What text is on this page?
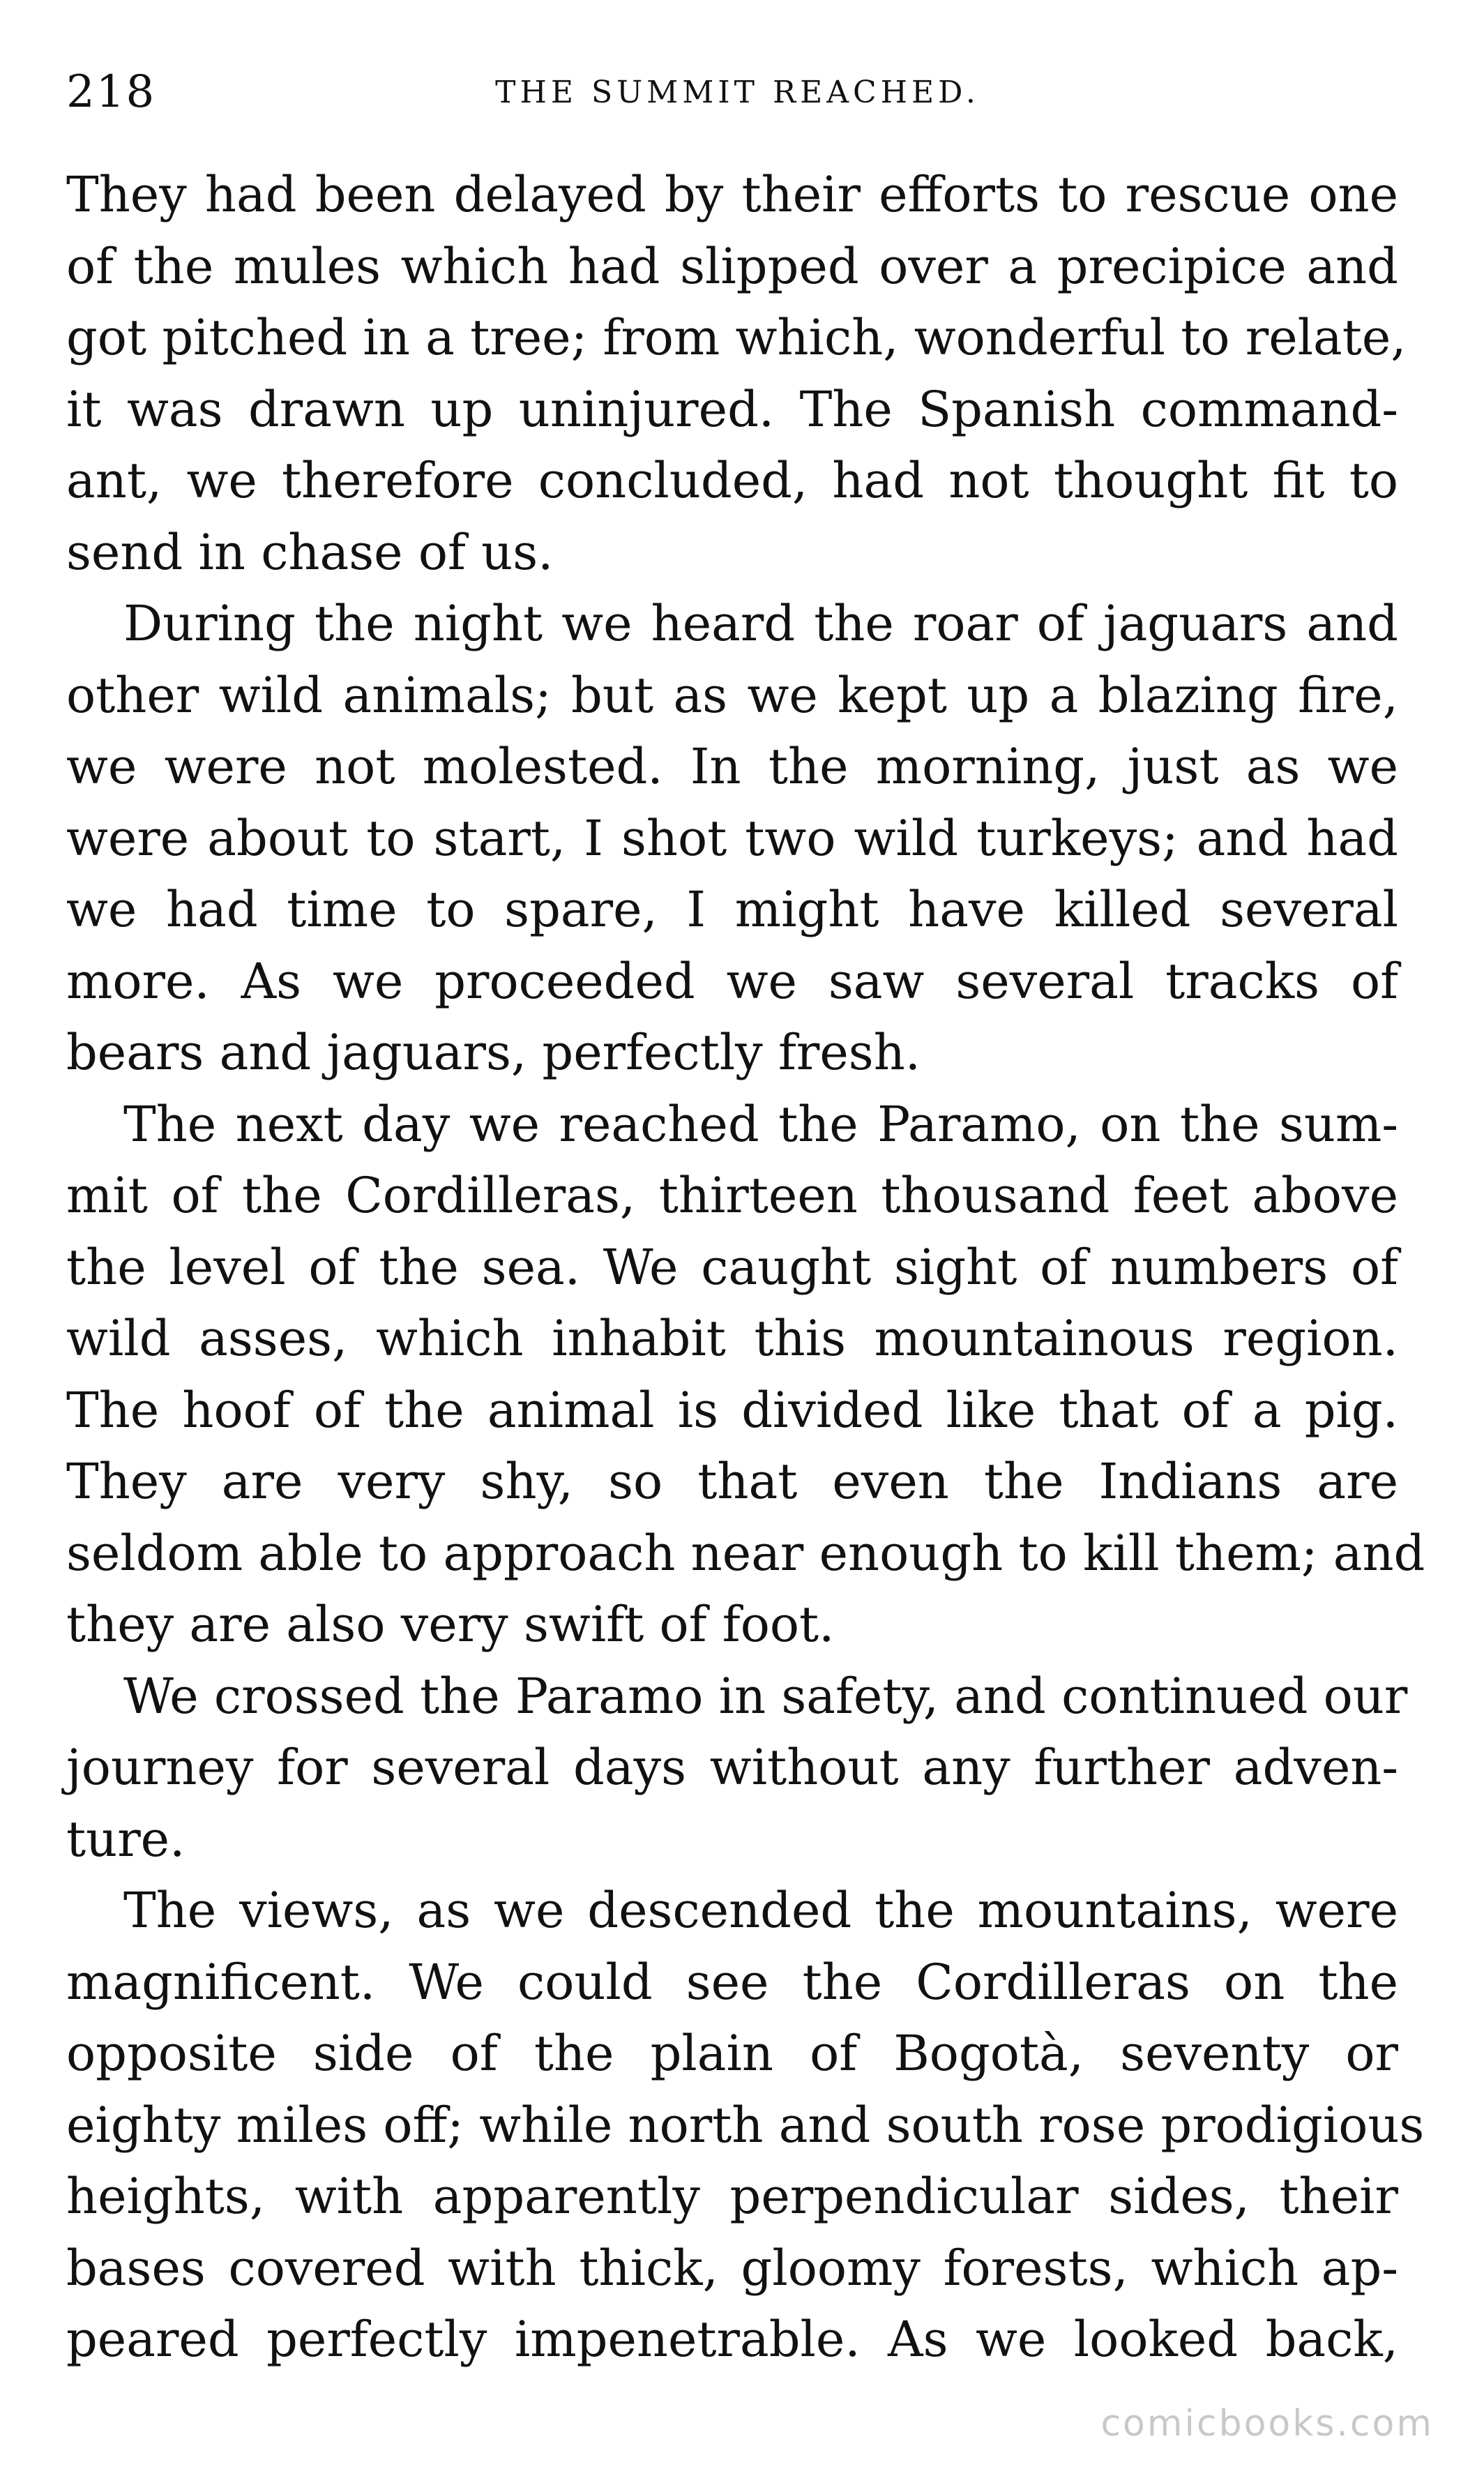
218	THE SUMMIT REACHED.

They had been delayed by their efforts to rescue one
of the mules which had slipped over a precipice and
got pitched in a tree; from which, wonderful to relate,
it was drawn up uninjured. The Spanish command-
ant, we therefore concluded, had not thought fit to
send in chase of us.

During the night we heard the roar of jaguars and
other wild animals; but as we kept up a blazing fire,
we were not molested. In the morning, just as we
were about to start, I shot two wild turkeys; and had
we had time to spare, I might have killed several
more. As we proceeded we saw several tracks of
bears and jaguars, perfectly fresh.

The next day we reached the Paramo, on the sum-
mit of the Cordilleras, thirteen thousand feet above
the level of the sea. We caught sight of numbers of
wild asses, which inhabit this mountainous region.
The hoof of the animal is divided like that of a pig.
They are very shy, so that even the Indians are
seldom able to approach near enough to kill them; and
they are also very swift of foot.

We crossed the Paramo in safety, and continued our
journey for several days without any further adven-
ture.

The views, as we descended the mountains, were
magnificent. We could see the Cordilleras on the
opposite side of the plain of Bogotà, seventy or
eighty miles off; while north and south rose prodigious
heights, with apparently perpendicular sides, their
bases covered with thick, gloomy forests, which ap-
peared perfectly impenetrable. As we looked back,

comicbooks.com
